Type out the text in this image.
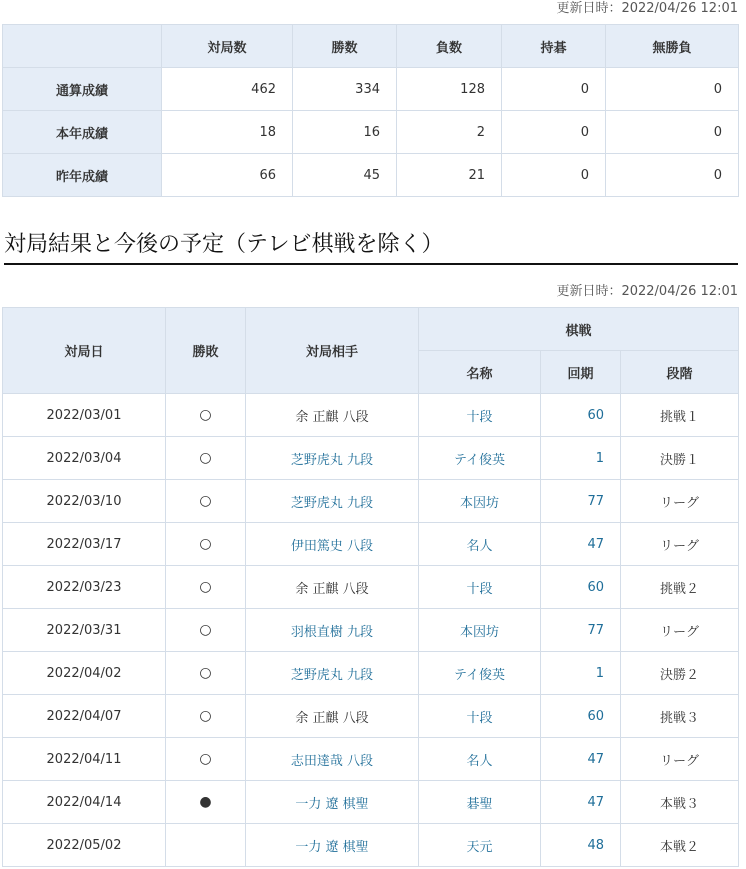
更新日時：2022/04/26 12:01
	対局数	勝数	負数	持碁	無勝負
通算成績	462	334	128	0	0
本年成績	18	16	2	0	0
昨年成績	66	45	21	0	0
対局結果と今後の予定（テレビ棋戦を除く）
更新日時：2022/04/26 12:01
対局日	勝敗	対局相手	棋戦		
			名称	回期	段階
2022/03/01	○	余 正麒 八段	十段	60	挑戦１
2022/03/04	○	芝野虎丸 九段	テイ俊英	1	決勝１
2022/03/10	○	芝野虎丸 九段	本因坊	77	リーグ
2022/03/17	○	伊田篤史 八段	名人	47	リーグ
2022/03/23	○	余 正麒 八段	十段	60	挑戦２
2022/03/31	○	羽根直樹 九段	本因坊	77	リーグ
2022/04/02	○	芝野虎丸 九段	テイ俊英	1	決勝２
2022/04/07	○	余 正麒 八段	十段	60	挑戦３
2022/04/11	○	志田達哉 八段	名人	47	リーグ
2022/04/14	●	一力 遼 棋聖	碁聖	47	本戦３
2022/05/02		一力 遼 棋聖	天元	48	本戦２
